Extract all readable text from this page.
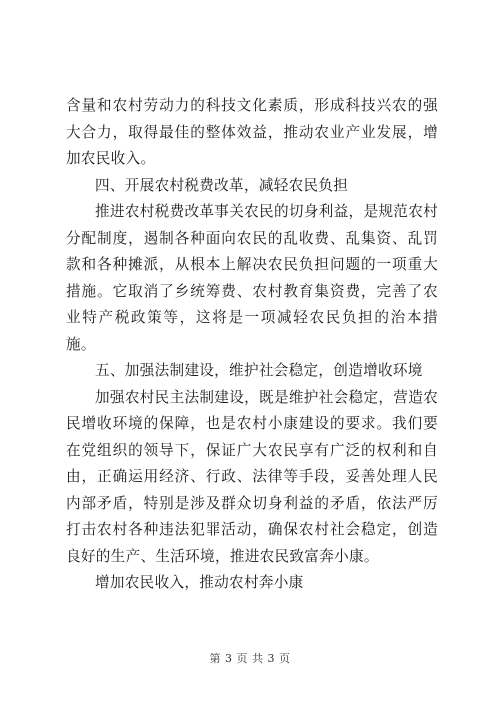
含量和农村劳动力的科技文化素质，形成科技兴农的强大合力，取得最佳的整体效益，推动农业产业发展，增加农民收入。

四、开展农村税费改革，减轻农民负担

推进农村税费改革事关农民的切身利益，是规范农村分配制度，遏制各种面向农民的乱收费、乱集资、乱罚款和各种摊派，从根本上解决农民负担问题的一项重大措施。它取消了乡统筹费、农村教育集资费，完善了农业特产税政策等，这将是一项减轻农民负担的治本措施。

五、加强法制建设，维护社会稳定，创造增收环境

加强农村民主法制建设，既是维护社会稳定，营造农民增收环境的保障，也是农村小康建设的要求。我们要在党组织的领导下，保证广大农民享有广泛的权利和自由，正确运用经济、行政、法律等手段，妥善处理人民内部矛盾，特别是涉及群众切身利益的矛盾，依法严厉打击农村各种违法犯罪活动，确保农村社会稳定，创造良好的生产、生活环境，推进农民致富奔小康。

增加农民收入，推动农村奔小康

第 3 页 共 3 页
